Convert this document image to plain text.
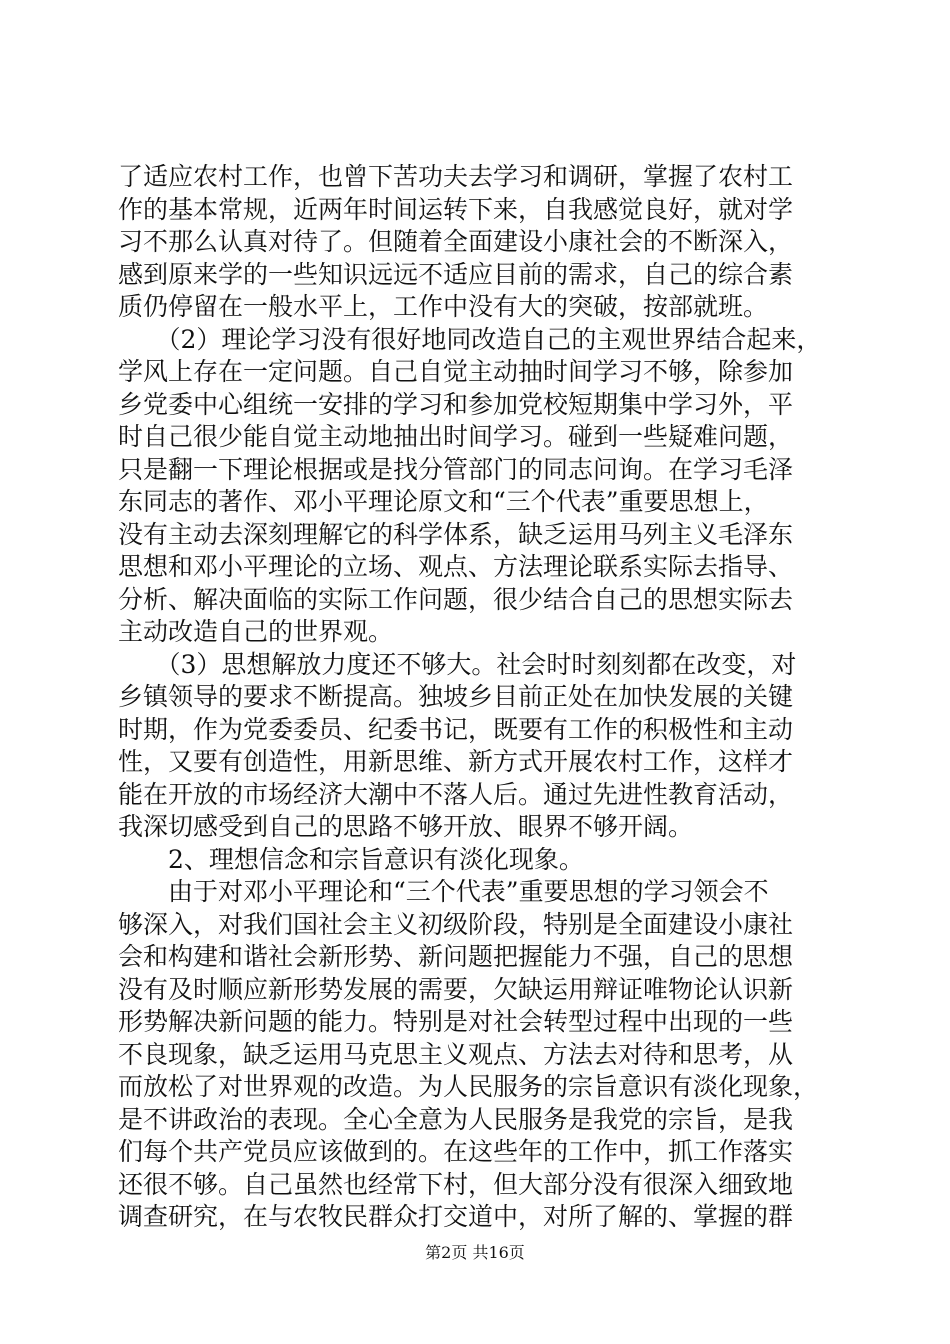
了适应农村工作，也曾下苦功夫去学习和调研，掌握了农村工
作的基本常规，近两年时间运转下来，自我感觉良好，就对学
习不那么认真对待了。但随着全面建设小康社会的不断深入，
感到原来学的一些知识远远不适应目前的需求，自己的综合素
质仍停留在一般水平上，工作中没有大的突破，按部就班。
　　（2）理论学习没有很好地同改造自己的主观世界结合起来，
学风上存在一定问题。自己自觉主动抽时间学习不够，除参加
乡党委中心组统一安排的学习和参加党校短期集中学习外，平
时自己很少能自觉主动地抽出时间学习。碰到一些疑难问题，
只是翻一下理论根据或是找分管部门的同志问询。在学习毛泽
东同志的著作、邓小平理论原文和“三个代表”重要思想上，
没有主动去深刻理解它的科学体系，缺乏运用马列主义毛泽东
思想和邓小平理论的立场、观点、方法理论联系实际去指导、
分析、解决面临的实际工作问题，很少结合自己的思想实际去
主动改造自己的世界观。
　　（3）思想解放力度还不够大。社会时时刻刻都在改变，对
乡镇领导的要求不断提高。独坡乡目前正处在加快发展的关键
时期，作为党委委员、纪委书记，既要有工作的积极性和主动
性，又要有创造性，用新思维、新方式开展农村工作，这样才
能在开放的市场经济大潮中不落人后。通过先进性教育活动，
我深切感受到自己的思路不够开放、眼界不够开阔。
　　2、理想信念和宗旨意识有淡化现象。
　　由于对邓小平理论和“三个代表”重要思想的学习领会不
够深入，对我们国社会主义初级阶段，特别是全面建设小康社
会和构建和谐社会新形势、新问题把握能力不强，自己的思想
没有及时顺应新形势发展的需要，欠缺运用辩证唯物论认识新
形势解决新问题的能力。特别是对社会转型过程中出现的一些
不良现象，缺乏运用马克思主义观点、方法去对待和思考，从
而放松了对世界观的改造。为人民服务的宗旨意识有淡化现象，
是不讲政治的表现。全心全意为人民服务是我党的宗旨，是我
们每个共产党员应该做到的。在这些年的工作中，抓工作落实
还很不够。自己虽然也经常下村，但大部分没有很深入细致地
调查研究，在与农牧民群众打交道中，对所了解的、掌握的群
第2页 共16页
